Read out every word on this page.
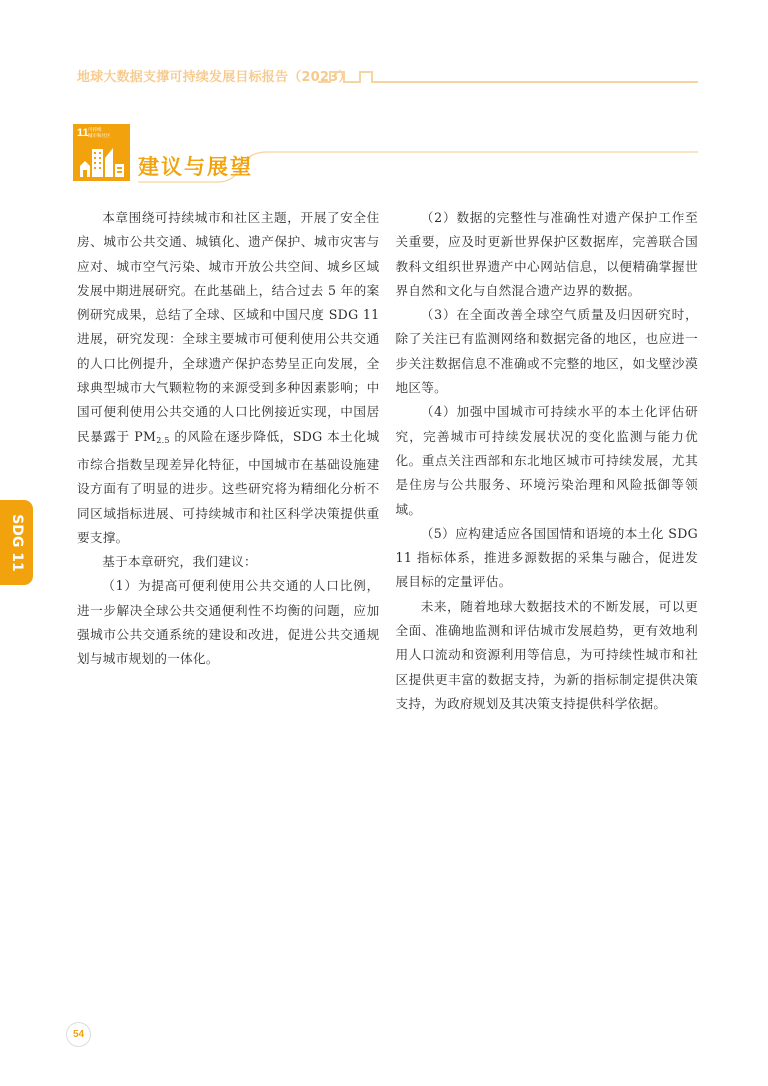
地球大数据支撑可持续发展目标报告（2023）
11 可持续
城市和社区
建议与展望

本章围绕可持续城市和社区主题，开展了安全住房、城市公共交通、城镇化、遗产保护、城市灾害与应对、城市空气污染、城市开放公共空间、城乡区域发展中期进展研究。在此基础上，结合过去 5 年的案例研究成果，总结了全球、区域和中国尺度 SDG 11 进展，研究发现：全球主要城市可便利使用公共交通的人口比例提升，全球遗产保护态势呈正向发展，全球典型城市大气颗粒物的来源受到多种因素影响；中国可便利使用公共交通的人口比例接近实现，中国居民暴露于 $PM_{2.5}$ 的风险在逐步降低，SDG 本土化城市综合指数呈现差异化特征，中国城市在基础设施建设方面有了明显的进步。这些研究将为精细化分析不同区域指标进展、可持续城市和社区科学决策提供重要支撑。

基于本章研究，我们建议：

（1）为提高可便利使用公共交通的人口比例，进一步解决全球公共交通便利性不均衡的问题，应加强城市公共交通系统的建设和改进，促进公共交通规划与城市规划的一体化。

（2）数据的完整性与准确性对遗产保护工作至关重要，应及时更新世界保护区数据库，完善联合国教科文组织世界遗产中心网站信息，以便精确掌握世界自然和文化与自然混合遗产边界的数据。

（3）在全面改善全球空气质量及归因研究时，除了关注已有监测网络和数据完备的地区，也应进一步关注数据信息不准确或不完整的地区，如戈壁沙漠地区等。

（4）加强中国城市可持续水平的本土化评估研究，完善城市可持续发展状况的变化监测与能力优化。重点关注西部和东北地区城市可持续发展，尤其是住房与公共服务、环境污染治理和风险抵御等领域。

（5）应构建适应各国国情和语境的本土化 SDG 11 指标体系，推进多源数据的采集与融合，促进发展目标的定量评估。

未来，随着地球大数据技术的不断发展，可以更全面、准确地监测和评估城市发展趋势，更有效地利用人口流动和资源利用等信息，为可持续性城市和社区提供更丰富的数据支持，为新的指标制定提供决策支持，为政府规划及其决策支持提供科学依据。

SDG 11
54
